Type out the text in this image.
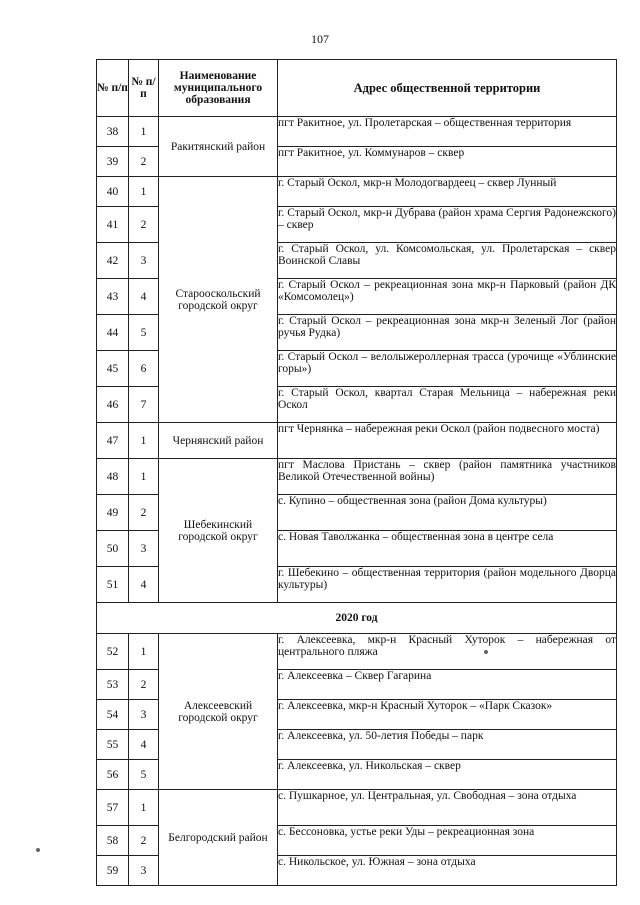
107
№ п/п	№ п/п	Наименование муниципального образования	Адрес общественной территории
38	1	Ракитянский район	пгт Ракитное, ул. Пролетарская – общественная территория
39	2		пгт Ракитное, ул. Коммунаров – сквер
40	1	Старооскольский городской округ	г. Старый Оскол, мкр-н Молодогвардеец – сквер Лунный
41	2		г. Старый Оскол, мкр-н Дубрава (район храма Сергия Радонежского) – сквер
42	3		г. Старый Оскол, ул. Комсомольская, ул. Пролетарская – сквер Воинской Славы
43	4		г. Старый Оскол – рекреационная зона мкр-н Парковый (район ДК «Комсомолец»)
44	5		г. Старый Оскол – рекреационная зона мкр-н Зеленый Лог (район ручья Рудка)
45	6		г. Старый Оскол – велолыжероллерная трасса (урочище «Ублинские горы»)
46	7		г. Старый Оскол, квартал Старая Мельница – набережная реки Оскол
47	1	Чернянский район	пгт Чернянка – набережная реки Оскол (район подвесного моста)
48	1	Шебекинский городской округ	пгт Маслова Пристань – сквер (район памятника участников Великой Отечественной войны)
49	2		с. Купино – общественная зона (район Дома культуры)
50	3		с. Новая Таволжанка – общественная зона в центре села
51	4		г. Шебекино – общественная территория (район модельного Дворца культуры)
2020 год			
52	1	Алексеевский городской округ	г. Алексеевка, мкр-н Красный Хуторок – набережная от центрального пляжа
53	2		г. Алексеевка – Сквер Гагарина
54	3		г. Алексеевка, мкр-н Красный Хуторок – «Парк Сказок»
55	4		г. Алексеевка, ул. 50-летия Победы – парк
56	5		г. Алексеевка, ул. Никольская – сквер
57	1	Белгородский район	с. Пушкарное, ул. Центральная, ул. Свободная – зона отдыха
58	2		с. Бессоновка, устье реки Уды – рекреационная зона
59	3		с. Никольское, ул. Южная – зона отдыха
